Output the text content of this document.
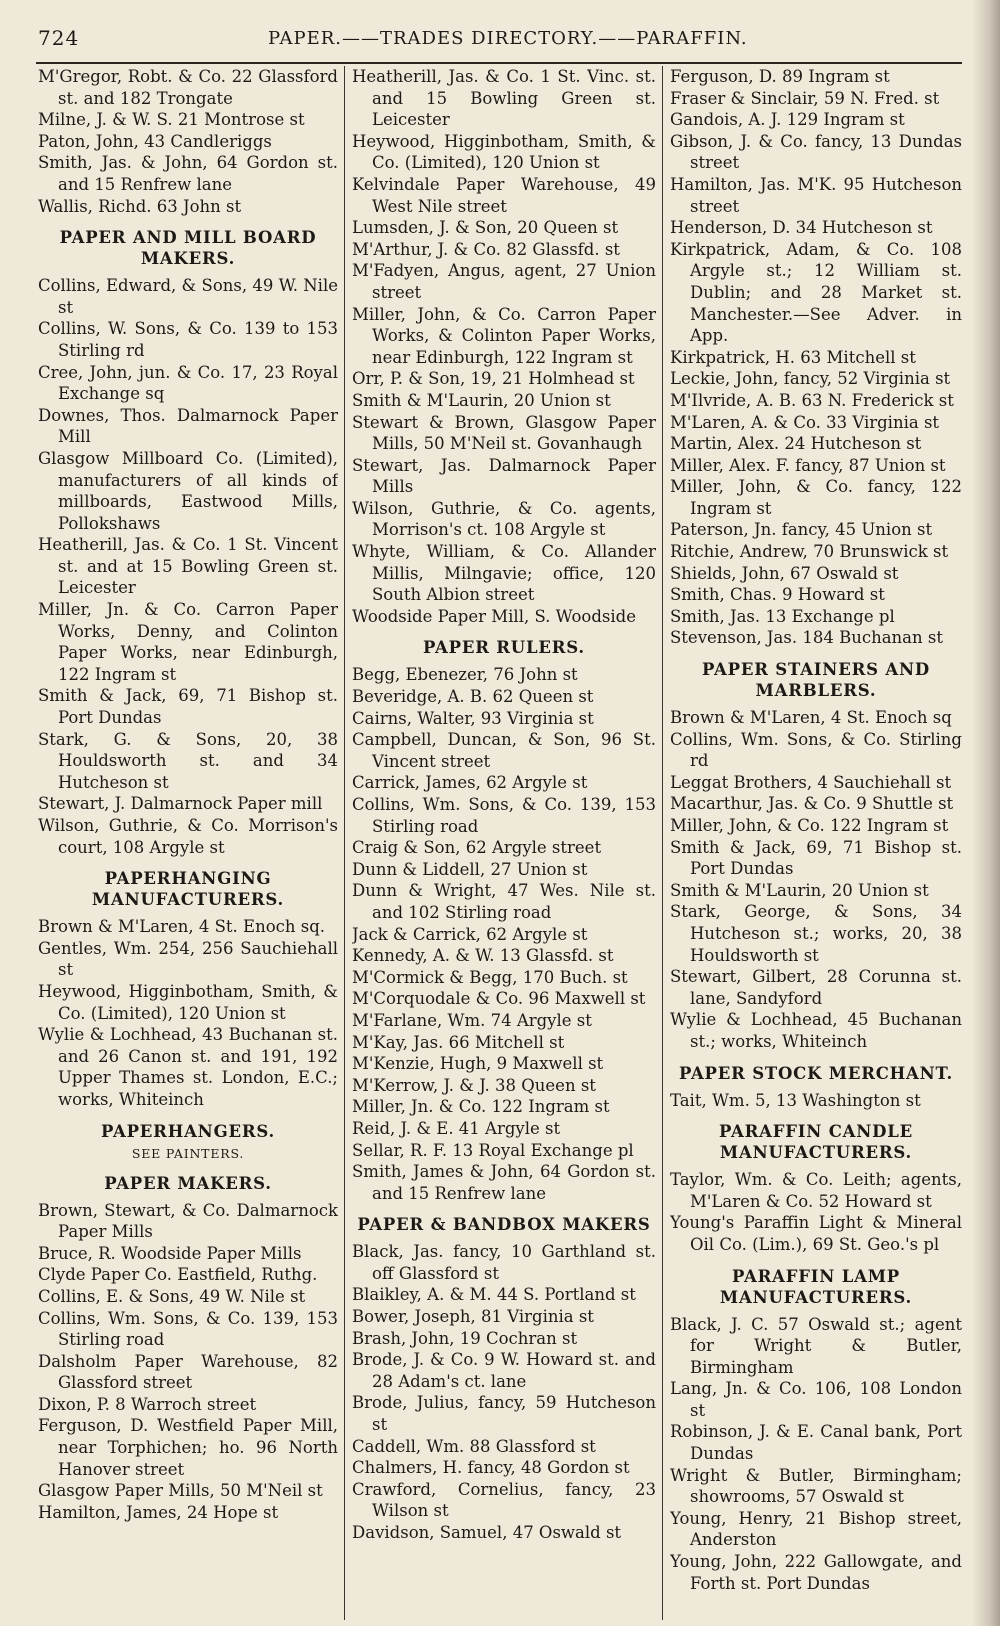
724	PAPER.——TRADES DIRECTORY.——PARAFFIN.
M'Gregor, Robt. & Co. 22 Glassford st. and 182 Trongate
Milne, J. & W. S. 21 Montrose st
Paton, John, 43 Candleriggs
Smith, Jas. & John, 64 Gordon st. and 15 Renfrew lane
Wallis, Richd. 63 John st
PAPER AND MILL BOARD MAKERS.
Collins, Edward, & Sons, 49 W. Nile st
Collins, W. Sons, & Co. 139 to 153 Stirling rd
Cree, John, jun. & Co. 17, 23 Royal Exchange sq
Downes, Thos. Dalmarnock Paper Mill
Glasgow Millboard Co. (Limited), manufacturers of all kinds of millboards, Eastwood Mills, Pollokshaws
Heatherill, Jas. & Co. 1 St. Vincent st. and at 15 Bowling Green st. Leicester
Miller, Jn. & Co. Carron Paper Works, Denny, and Colinton Paper Works, near Edinburgh, 122 Ingram st
Smith & Jack, 69, 71 Bishop st. Port Dundas
Stark, G. & Sons, 20, 38 Houldsworth st. and 34 Hutcheson st
Stewart, J. Dalmarnock Paper mill
Wilson, Guthrie, & Co. Morrison's court, 108 Argyle st
PAPERHANGING MANUFACTURERS.
Brown & M'Laren, 4 St. Enoch sq.
Gentles, Wm. 254, 256 Sauchiehall st
Heywood, Higginbotham, Smith, & Co. (Limited), 120 Union st
Wylie & Lochhead, 43 Buchanan st. and 26 Canon st. and 191, 192 Upper Thames st. London, E.C.; works, Whiteinch
PAPERHANGERS.
SEE PAINTERS.
PAPER MAKERS.
Brown, Stewart, & Co. Dalmarnock Paper Mills
Bruce, R. Woodside Paper Mills
Clyde Paper Co. Eastfield, Ruthg.
Collins, E. & Sons, 49 W. Nile st
Collins, Wm. Sons, & Co. 139, 153 Stirling road
Dalsholm Paper Warehouse, 82 Glassford street
Dixon, P. 8 Warroch street
Ferguson, D. Westfield Paper Mill, near Torphichen; ho. 96 North Hanover street
Glasgow Paper Mills, 50 M'Neil st
Hamilton, James, 24 Hope st
Heatherill, Jas. & Co. 1 St. Vinc. st. and 15 Bowling Green st. Leicester
Heywood, Higginbotham, Smith, & Co. (Limited), 120 Union st
Kelvindale Paper Warehouse, 49 West Nile street
Lumsden, J. & Son, 20 Queen st
M'Arthur, J. & Co. 82 Glassfd. st
M'Fadyen, Angus, agent, 27 Union street
Miller, John, & Co. Carron Paper Works, & Colinton Paper Works, near Edinburgh, 122 Ingram st
Orr, P. & Son, 19, 21 Holmhead st
Smith & M'Laurin, 20 Union st
Stewart & Brown, Glasgow Paper Mills, 50 M'Neil st. Govanhaugh
Stewart, Jas. Dalmarnock Paper Mills
Wilson, Guthrie, & Co. agents, Morrison's ct. 108 Argyle st
Whyte, William, & Co. Allander Millis, Milngavie; office, 120 South Albion street
Woodside Paper Mill, S. Woodside
PAPER RULERS.
Begg, Ebenezer, 76 John st
Beveridge, A. B. 62 Queen st
Cairns, Walter, 93 Virginia st
Campbell, Duncan, & Son, 96 St. Vincent street
Carrick, James, 62 Argyle st
Collins, Wm. Sons, & Co. 139, 153 Stirling road
Craig & Son, 62 Argyle street
Dunn & Liddell, 27 Union st
Dunn & Wright, 47 Wes. Nile st. and 102 Stirling road
Jack & Carrick, 62 Argyle st
Kennedy, A. & W. 13 Glassfd. st
M'Cormick & Begg, 170 Buch. st
M'Corquodale & Co. 96 Maxwell st
M'Farlane, Wm. 74 Argyle st
M'Kay, Jas. 66 Mitchell st
M'Kenzie, Hugh, 9 Maxwell st
M'Kerrow, J. & J. 38 Queen st
Miller, Jn. & Co. 122 Ingram st
Reid, J. & E. 41 Argyle st
Sellar, R. F. 13 Royal Exchange pl
Smith, James & John, 64 Gordon st. and 15 Renfrew lane
PAPER & BANDBOX MAKERS
Black, Jas. fancy, 10 Garthland st. off Glassford st
Blaikley, A. & M. 44 S. Portland st
Bower, Joseph, 81 Virginia st
Brash, John, 19 Cochran st
Brode, J. & Co. 9 W. Howard st. and 28 Adam's ct. lane
Brode, Julius, fancy, 59 Hutcheson st
Caddell, Wm. 88 Glassford st
Chalmers, H. fancy, 48 Gordon st
Crawford, Cornelius, fancy, 23 Wilson st
Davidson, Samuel, 47 Oswald st
Ferguson, D. 89 Ingram st
Fraser & Sinclair, 59 N. Fred. st
Gandois, A. J. 129 Ingram st
Gibson, J. & Co. fancy, 13 Dundas street
Hamilton, Jas. M'K. 95 Hutcheson street
Henderson, D. 34 Hutcheson st
Kirkpatrick, Adam, & Co. 108 Argyle st.; 12 William st. Dublin; and 28 Market st. Manchester.—See Adver. in App.
Kirkpatrick, H. 63 Mitchell st
Leckie, John, fancy, 52 Virginia st
M'Ilvride, A. B. 63 N. Frederick st
M'Laren, A. & Co. 33 Virginia st
Martin, Alex. 24 Hutcheson st
Miller, Alex. F. fancy, 87 Union st
Miller, John, & Co. fancy, 122 Ingram st
Paterson, Jn. fancy, 45 Union st
Ritchie, Andrew, 70 Brunswick st
Shields, John, 67 Oswald st
Smith, Chas. 9 Howard st
Smith, Jas. 13 Exchange pl
Stevenson, Jas. 184 Buchanan st
PAPER STAINERS AND MARBLERS.
Brown & M'Laren, 4 St. Enoch sq
Collins, Wm. Sons, & Co. Stirling rd
Leggat Brothers, 4 Sauchiehall st
Macarthur, Jas. & Co. 9 Shuttle st
Miller, John, & Co. 122 Ingram st
Smith & Jack, 69, 71 Bishop st. Port Dundas
Smith & M'Laurin, 20 Union st
Stark, George, & Sons, 34 Hutcheson st.; works, 20, 38 Houldsworth st
Stewart, Gilbert, 28 Corunna st. lane, Sandyford
Wylie & Lochhead, 45 Buchanan st.; works, Whiteinch
PAPER STOCK MERCHANT.
Tait, Wm. 5, 13 Washington st
PARAFFIN CANDLE MANUFACTURERS.
Taylor, Wm. & Co. Leith; agents, M'Laren & Co. 52 Howard st
Young's Paraffin Light & Mineral Oil Co. (Lim.), 69 St. Geo.'s pl
PARAFFIN LAMP MANUFACTURERS.
Black, J. C. 57 Oswald st.; agent for Wright & Butler, Birmingham
Lang, Jn. & Co. 106, 108 London st
Robinson, J. & E. Canal bank, Port Dundas
Wright & Butler, Birmingham; showrooms, 57 Oswald st
Young, Henry, 21 Bishop street, Anderston
Young, John, 222 Gallowgate, and Forth st. Port Dundas
